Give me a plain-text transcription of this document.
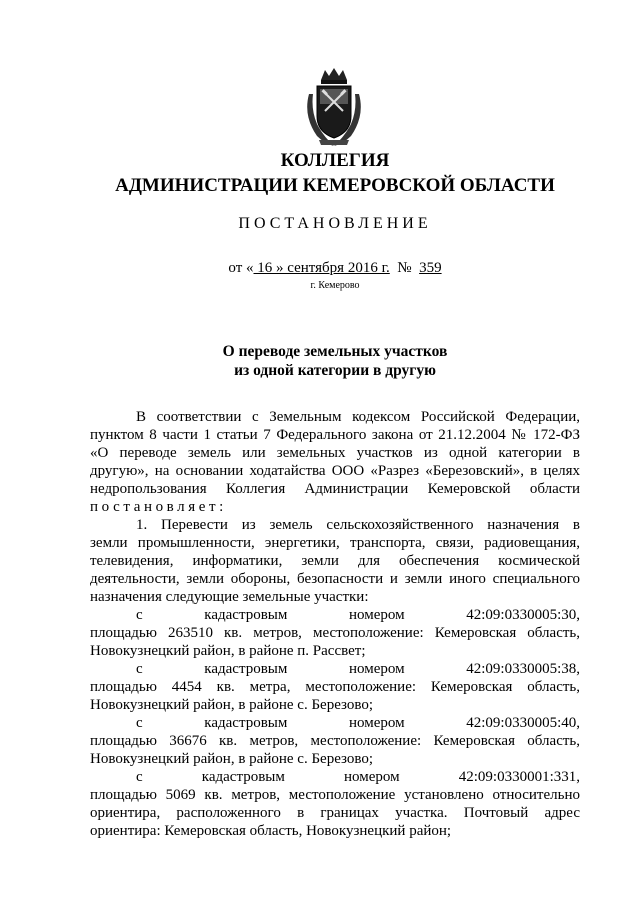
КОЛЛЕГИЯ
АДМИНИСТРАЦИИ КЕМЕРОВСКОЙ ОБЛАСТИ
ПОСТАНОВЛЕНИЕ
от « 16 » сентября 2016 г. № 359
г. Кемерово
О переводе земельных участков
из одной категории в другую

В соответствии с Земельным кодексом Российской Федерации,

пунктом 8 части 1 статьи 7 Федерального закона от 21.12.2004 № 172-ФЗ

«О переводе земель или земельных участков из одной категории в

другую», на основании ходатайства ООО «Разрез «Березовский», в целях

недропользования Коллегия Администрации Кемеровской области

постановляет:

1. Перевести из земель сельскохозяйственного назначения в

земли промышленности, энергетики, транспорта, связи, радиовещания,

телевидения, информатики, земли для обеспечения космической

деятельности, земли обороны, безопасности и земли иного специального

назначения следующие земельные участки:

с кадастровым номером 42:09:0330005:30,

площадью 263510 кв. метров, местоположение: Кемеровская область,

Новокузнецкий район, в районе п. Рассвет;

с кадастровым номером 42:09:0330005:38,

площадью 4454 кв. метра, местоположение: Кемеровская область,

Новокузнецкий район, в районе с. Березово;

с кадастровым номером 42:09:0330005:40,

площадью 36676 кв. метров, местоположение: Кемеровская область,

Новокузнецкий район, в районе с. Березово;

с кадастровым номером 42:09:0330001:331,

площадью 5069 кв. метров, местоположение установлено относительно

ориентира, расположенного в границах участка. Почтовый адрес

ориентира: Кемеровская область, Новокузнецкий район;
